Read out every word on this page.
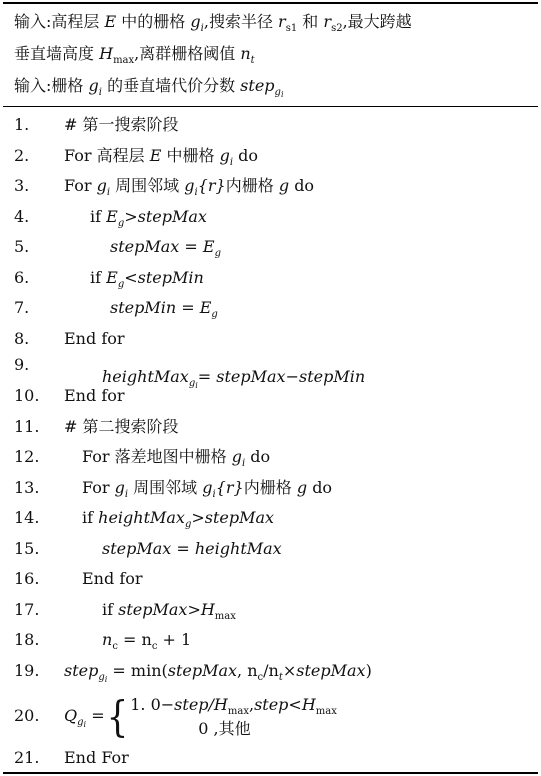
输入:高程层 E 中的栅格 $g_i$,搜索半径 $r_{s1}$ 和 $r_{s2}$,最大跨越
垂直墙高度 $H_{max}$,离群栅格阈值 $n_t$
输入:栅格 $g_i$ 的垂直墙代价分数 step$_{g_i}$
1. # 第一搜索阶段
2. For 高程层 E 中栅格 $g_i$ do
3. For $g_i$ 周围邻域 $g_i\{r\}$内栅格 g do
4.	if $E_g>stepMax$
5.	stepMax = $E_g$
6.	if $E_g<stepMin$
7.	stepMin = $E_g$
8. End for
9.
heightMax$_{g_i}$= stepMax−stepMin
10. End for
11. # 第二搜索阶段
12.	For 落差地图中栅格 $g_i$ do
13.	For $g_i$ 周围邻域 $g_i\{r\}$内栅格 g do
14.	if heightMax$_g$>stepMax
15.	stepMax = heightMax
16.	End for
17.	if $stepMax>H_{max}$
18.	$n_c = n_c + 1$
19. step$_{g_i}$ = min(stepMax, $n_c/n_t\times stepMax$)
20. $Q_{g_i}$ ={ 1. $0-step/H_{max},step<H_{max}$
0 ,其他
21. End For
